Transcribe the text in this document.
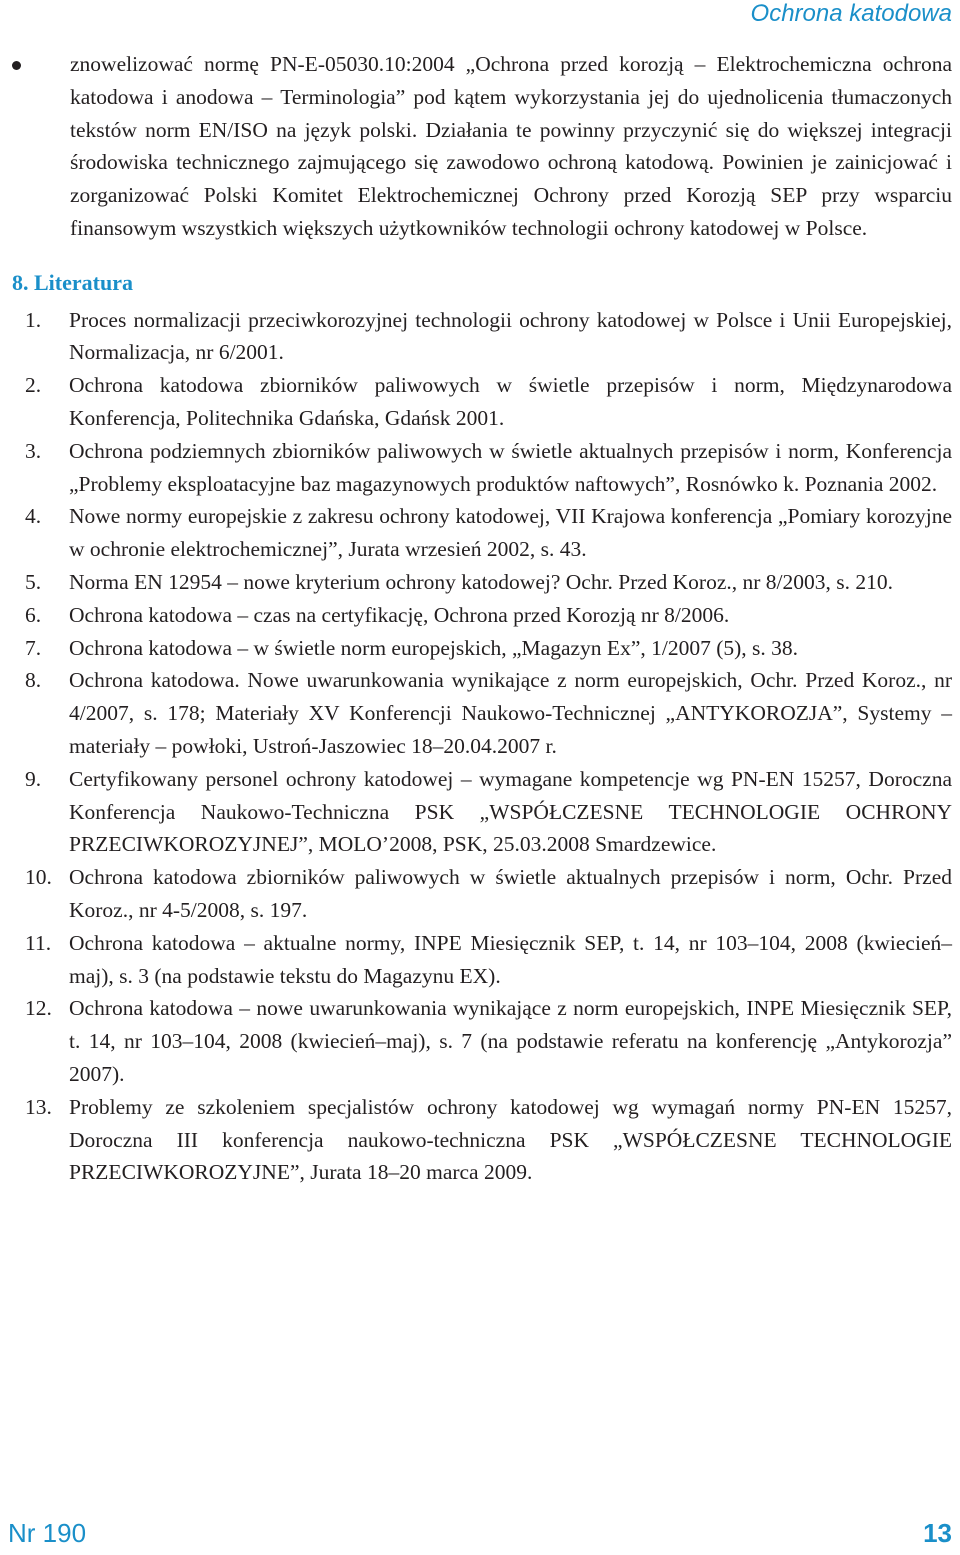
Ochrona katodowa

znowelizować normę PN-E-05030.10:2004 „Ochrona przed korozją – Elektrochemiczna ochrona katodowa i anodowa – Terminologia” pod kątem wykorzystania jej do ujednolicenia tłumaczonych tekstów norm EN/ISO na język polski. Działania te powinny przyczynić się do większej integracji środowiska technicznego zajmującego się zawodowo ochroną katodową. Powinien je zainicjować i zorganizować Polski Komitet Elektrochemicznej Ochrony przed Korozją SEP przy wsparciu finansowym wszystkich większych użytkowników technologii ochrony katodowej w Polsce.

8. Literatura
1.	Proces normalizacji przeciwkorozyjnej technologii ochrony katodowej w Polsce i Unii Europejskiej, Normalizacja, nr 6/2001.
2.	Ochrona katodowa zbiorników paliwowych w świetle przepisów i norm, Międzynarodowa Konferencja, Politechnika Gdańska, Gdańsk 2001.
3.	Ochrona podziemnych zbiorników paliwowych w świetle aktualnych przepisów i norm, Konferencja „Problemy eksploatacyjne baz magazynowych produktów naftowych”, Rosnówko k. Poznania 2002.
4.	Nowe normy europejskie z zakresu ochrony katodowej, VII Krajowa konferencja „Pomiary korozyjne w ochronie elektrochemicznej”, Jurata wrzesień 2002, s. 43.
5.	Norma EN 12954 – nowe kryterium ochrony katodowej? Ochr. Przed Koroz., nr 8/2003, s. 210.
6.	Ochrona katodowa – czas na certyfikację, Ochrona przed Korozją nr 8/2006.
7.	Ochrona katodowa – w świetle norm europejskich, „Magazyn Ex”, 1/2007 (5), s. 38.
8.	Ochrona katodowa. Nowe uwarunkowania wynikające z norm europejskich, Ochr. Przed Koroz., nr 4/2007, s. 178; Materiały XV Konferencji Naukowo-Technicznej „ANTYKOROZJA”, Systemy – materiały – powłoki, Ustroń-Jaszowiec 18–20.04.2007 r.
9.	Certyfikowany personel ochrony katodowej – wymagane kompetencje wg PN-EN 15257, Doroczna Konferencja Naukowo-Techniczna PSK „WSPÓŁCZESNE TECHNOLOGIE OCHRONY PRZECIWKOROZYJNEJ”, MOLO’2008, PSK, 25.03.2008 Smardzewice.
10. Ochrona katodowa zbiorników paliwowych w świetle aktualnych przepisów i norm, Ochr. Przed Koroz., nr 4-5/2008, s. 197.
11. Ochrona katodowa – aktualne normy, INPE Miesięcznik SEP, t. 14, nr 103–104, 2008 (kwiecień–maj), s. 3 (na podstawie tekstu do Magazynu EX).
12. Ochrona katodowa – nowe uwarunkowania wynikające z norm europejskich, INPE Miesięcznik SEP, t. 14, nr 103–104, 2008 (kwiecień–maj), s. 7 (na podstawie referatu na konferencję „Antykorozja” 2007).
13. Problemy ze szkoleniem specjalistów ochrony katodowej wg wymagań normy PN-EN 15257, Doroczna III konferencja naukowo-techniczna PSK „WSPÓŁCZESNE TECHNOLOGIE PRZECIWKOROZYJNE”, Jurata 18–20 marca 2009.
Nr 190	13
